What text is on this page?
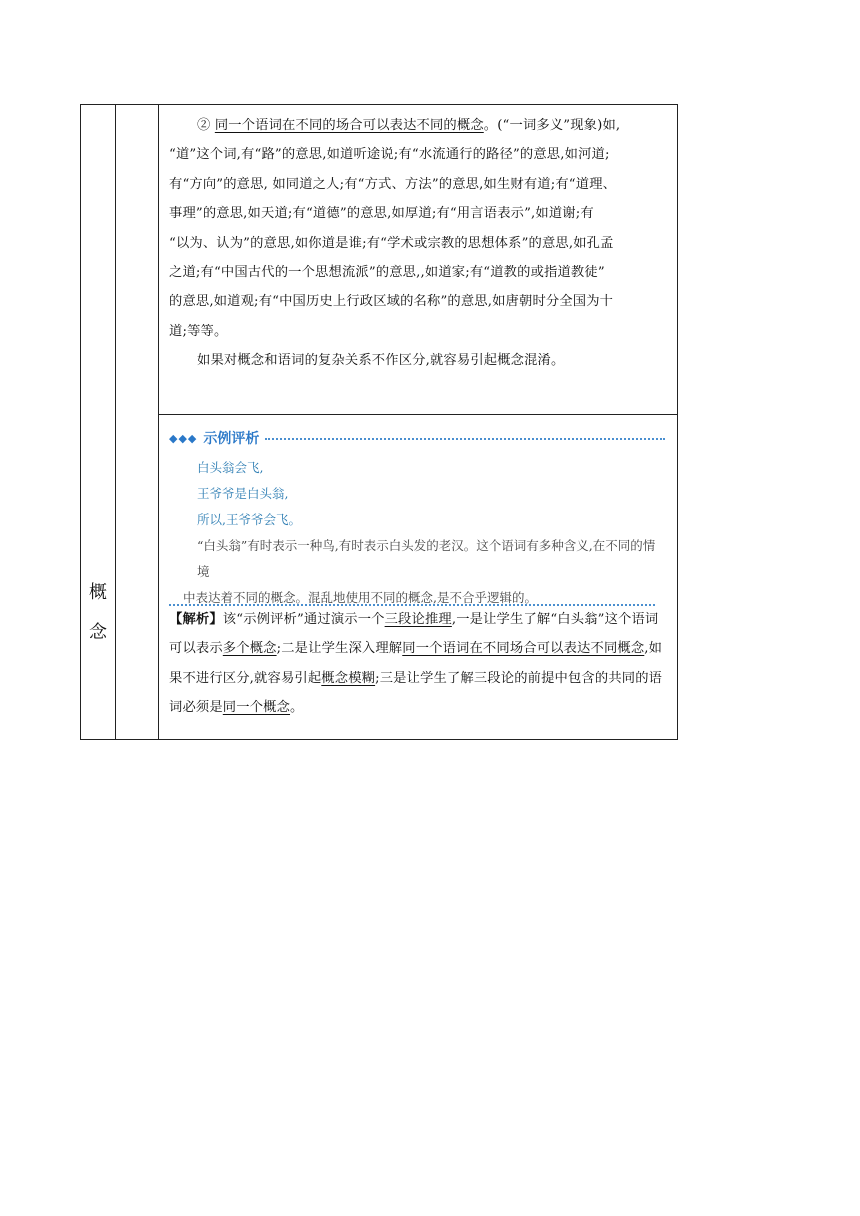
概
念
② 同一个语词在不同的场合可以表达不同的概念。(“一词多义”现象)如,
“道”这个词,有“路”的意思,如道听途说;有“水流通行的路径”的意思,如河道;
有“方向”的意思, 如同道之人;有“方式、方法”的意思,如生财有道;有“道理、
事理”的意思,如天道;有“道德”的意思,如厚道;有“用言语表示”,如道谢;有
“以为、认为”的意思,如你道是谁;有“学术或宗教的思想体系”的意思,如孔孟
之道;有“中国古代的一个思想流派”的意思,,如道家;有“道教的或指道教徒”
的意思,如道观;有“中国历史上行政区域的名称”的意思,如唐朝时分全国为十
道;等等。
如果对概念和语词的复杂关系不作区分,就容易引起概念混淆。
◆◆◆ 示例评析
白头翁会飞,
王爷爷是白头翁,
所以,王爷爷会飞。
“白头翁”有时表示一种鸟,有时表示白头发的老汉。这个语词有多种含义,在不同的情境
中表达着不同的概念。混乱地使用不同的概念,是不合乎逻辑的。
【解析】该“示例评析”通过演示一个三段论推理,一是让学生了解“白头翁”这个语词可以表示多个概念;二是让学生深入理解同一个语词在不同场合可以表达不同概念,如果不进行区分,就容易引起概念模糊;三是让学生了解三段论的前提中包含的共同的语词必须是同一个概念。
